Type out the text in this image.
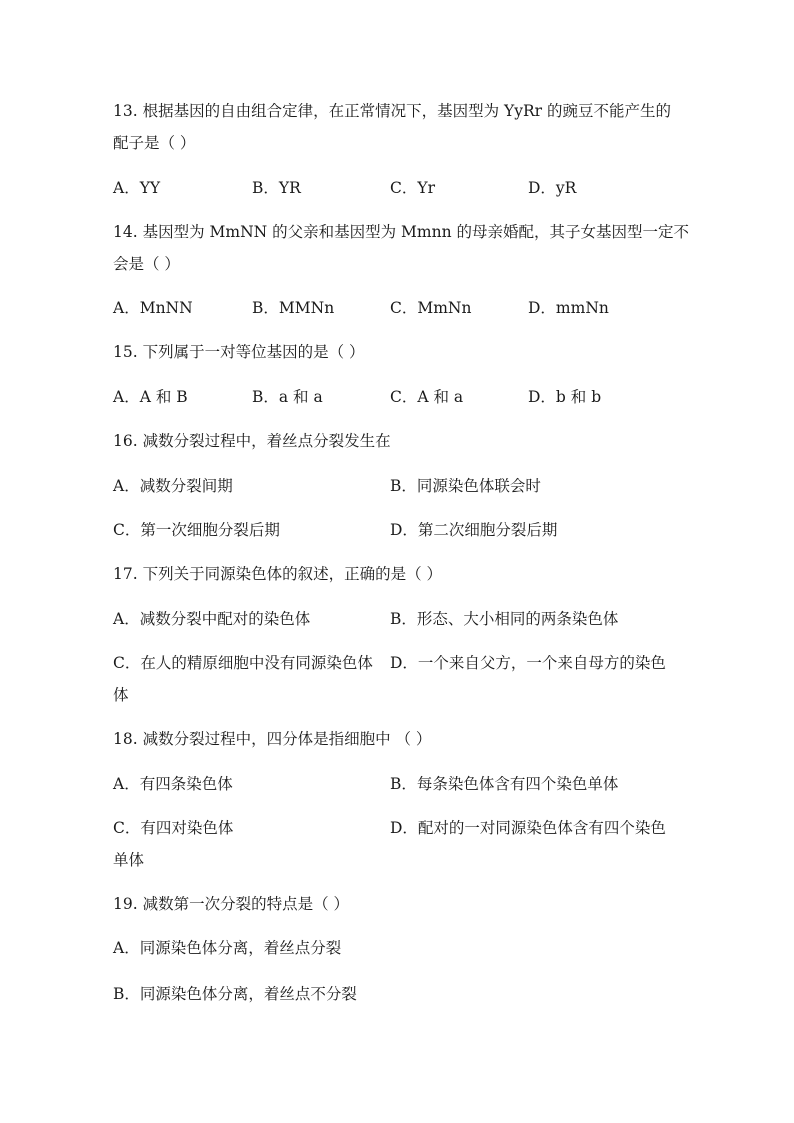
13. 根据基因的自由组合定律，在正常情况下，基因型为 YyRr 的豌豆不能产生的
配子是（ ）
A．YY	B．YR	C．Yr	D．yR
14. 基因型为 MmNN 的父亲和基因型为 Mmnn 的母亲婚配，其子女基因型一定不
会是（ ）
A．MnNN	B．MMNn	C．MmNn	D．mmNn
15. 下列属于一对等位基因的是（ ）
A．A 和 B	B．a 和 a	C．A 和 a	D．b 和 b
16. 减数分裂过程中，着丝点分裂发生在
A．减数分裂间期	B．同源染色体联会时
C．第一次细胞分裂后期	D．第二次细胞分裂后期
17. 下列关于同源染色体的叙述，正确的是（ ）
A．减数分裂中配对的染色体	B．形态、大小相同的两条染色体
C．在人的精原细胞中没有同源染色体 D．一个来自父方，一个来自母方的染色
体
18. 减数分裂过程中，四分体是指细胞中 （ ）
A．有四条染色体	B．每条染色体含有四个染色单体
C．有四对染色体	D．配对的一对同源染色体含有四个染色
单体
19. 减数第一次分裂的特点是（ ）
A．同源染色体分离，着丝点分裂
B．同源染色体分离，着丝点不分裂
